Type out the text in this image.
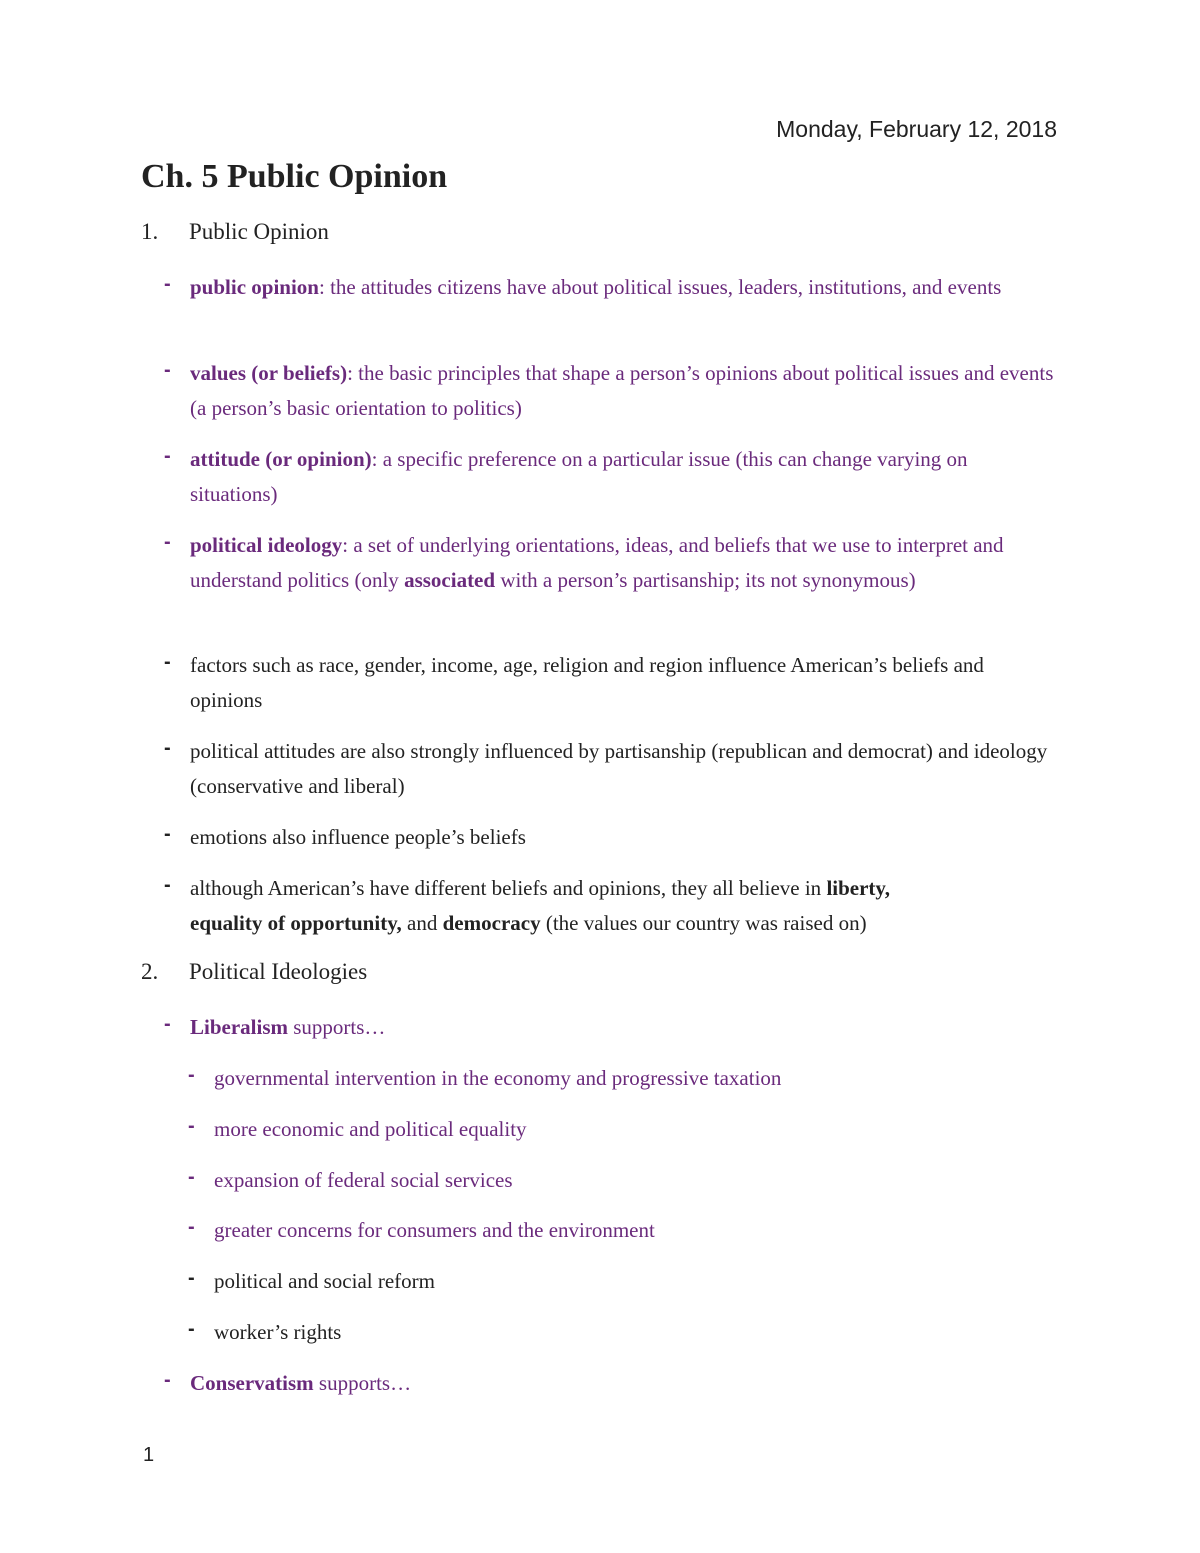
Monday, February 12, 2018
Ch. 5 Public Opinion
1.	Public Opinion
- public opinion: the attitudes citizens have about political issues, leaders, institutions, and events
- values (or beliefs): the basic principles that shape a person’s opinions about political issues and events (a person’s basic orientation to politics)
- attitude (or opinion): a specific preference on a particular issue (this can change varying on situations)
- political ideology: a set of underlying orientations, ideas, and beliefs that we use to interpret and understand politics (only associated with a person’s partisanship; its not synonymous)
- factors such as race, gender, income, age, religion and region influence American’s beliefs and opinions
- political attitudes are also strongly influenced by partisanship (republican and democrat) and ideology (conservative and liberal)
- emotions also influence people’s beliefs
- although American’s have different beliefs and opinions, they all believe in liberty,
equality of opportunity, and democracy (the values our country was raised on)
2.	Political Ideologies
- Liberalism supports…
- governmental intervention in the economy and progressive taxation
- more economic and political equality
- expansion of federal social services
- greater concerns for consumers and the environment
- political and social reform
- worker’s rights
- Conservatism supports…
1
